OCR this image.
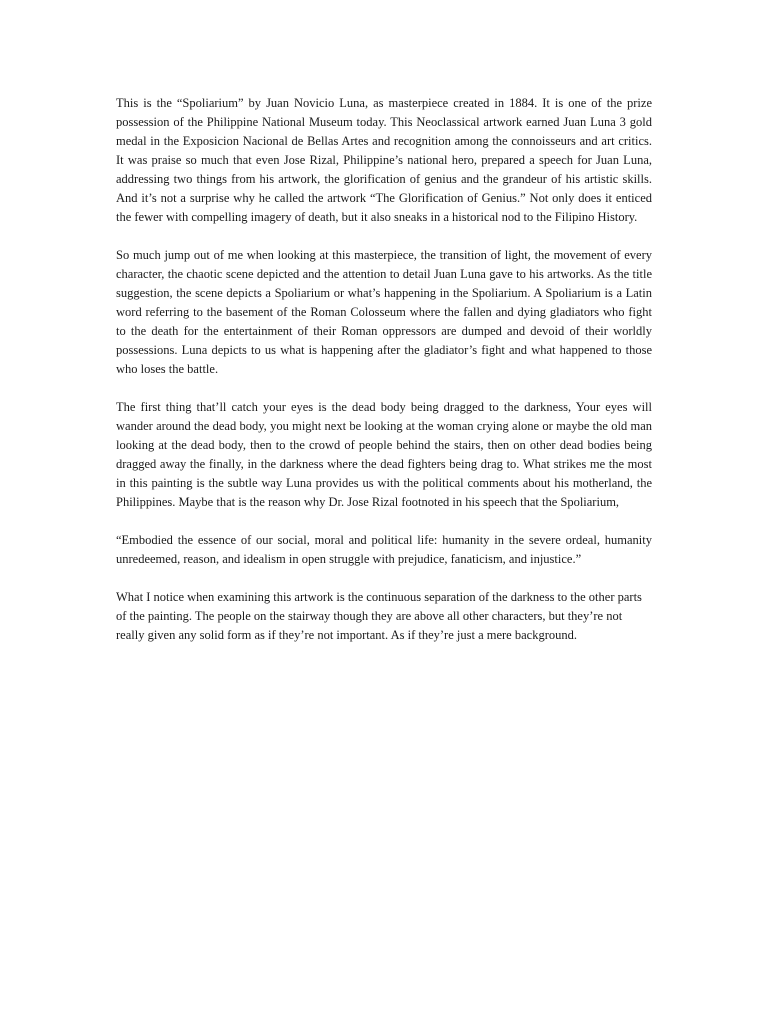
This is the “Spoliarium” by Juan Novicio Luna, as masterpiece created in 1884. It is one of the prize possession of the Philippine National Museum today. This Neoclassical artwork earned Juan Luna 3 gold medal in the Exposicion Nacional de Bellas Artes and recognition among the connoisseurs and art critics. It was praise so much that even Jose Rizal, Philippine’s national hero, prepared a speech for Juan Luna, addressing two things from his artwork, the glorification of genius and the grandeur of his artistic skills. And it’s not a surprise why he called the artwork “The Glorification of Genius.” Not only does it enticed the fewer with compelling imagery of death, but it also sneaks in a historical nod to the Filipino History.

So much jump out of me when looking at this masterpiece, the transition of light, the movement of every character, the chaotic scene depicted and the attention to detail Juan Luna gave to his artworks. As the title suggestion, the scene depicts a Spoliarium or what’s happening in the Spoliarium. A Spoliarium is a Latin word referring to the basement of the Roman Colosseum where the fallen and dying gladiators who fight to the death for the entertainment of their Roman oppressors are dumped and devoid of their worldly possessions. Luna depicts to us what is happening after the gladiator’s fight and what happened to those who loses the battle.

The first thing that’ll catch your eyes is the dead body being dragged to the darkness, Your eyes will wander around the dead body, you might next be looking at the woman crying alone or maybe the old man looking at the dead body, then to the crowd of people behind the stairs, then on other dead bodies being dragged away the finally, in the darkness where the dead fighters being drag to. What strikes me the most in this painting is the subtle way Luna provides us with the political comments about his motherland, the Philippines. Maybe that is the reason why Dr. Jose Rizal footnoted in his speech that the Spoliarium,

“Embodied the essence of our social, moral and political life: humanity in the severe ordeal, humanity unredeemed, reason, and idealism in open struggle with prejudice, fanaticism, and injustice.”

What I notice when examining this artwork is the continuous separation of the darkness to the other parts of the painting. The people on the stairway though they are above all other characters, but they’re not really given any solid form as if they’re not important. As if they’re just a mere background.
